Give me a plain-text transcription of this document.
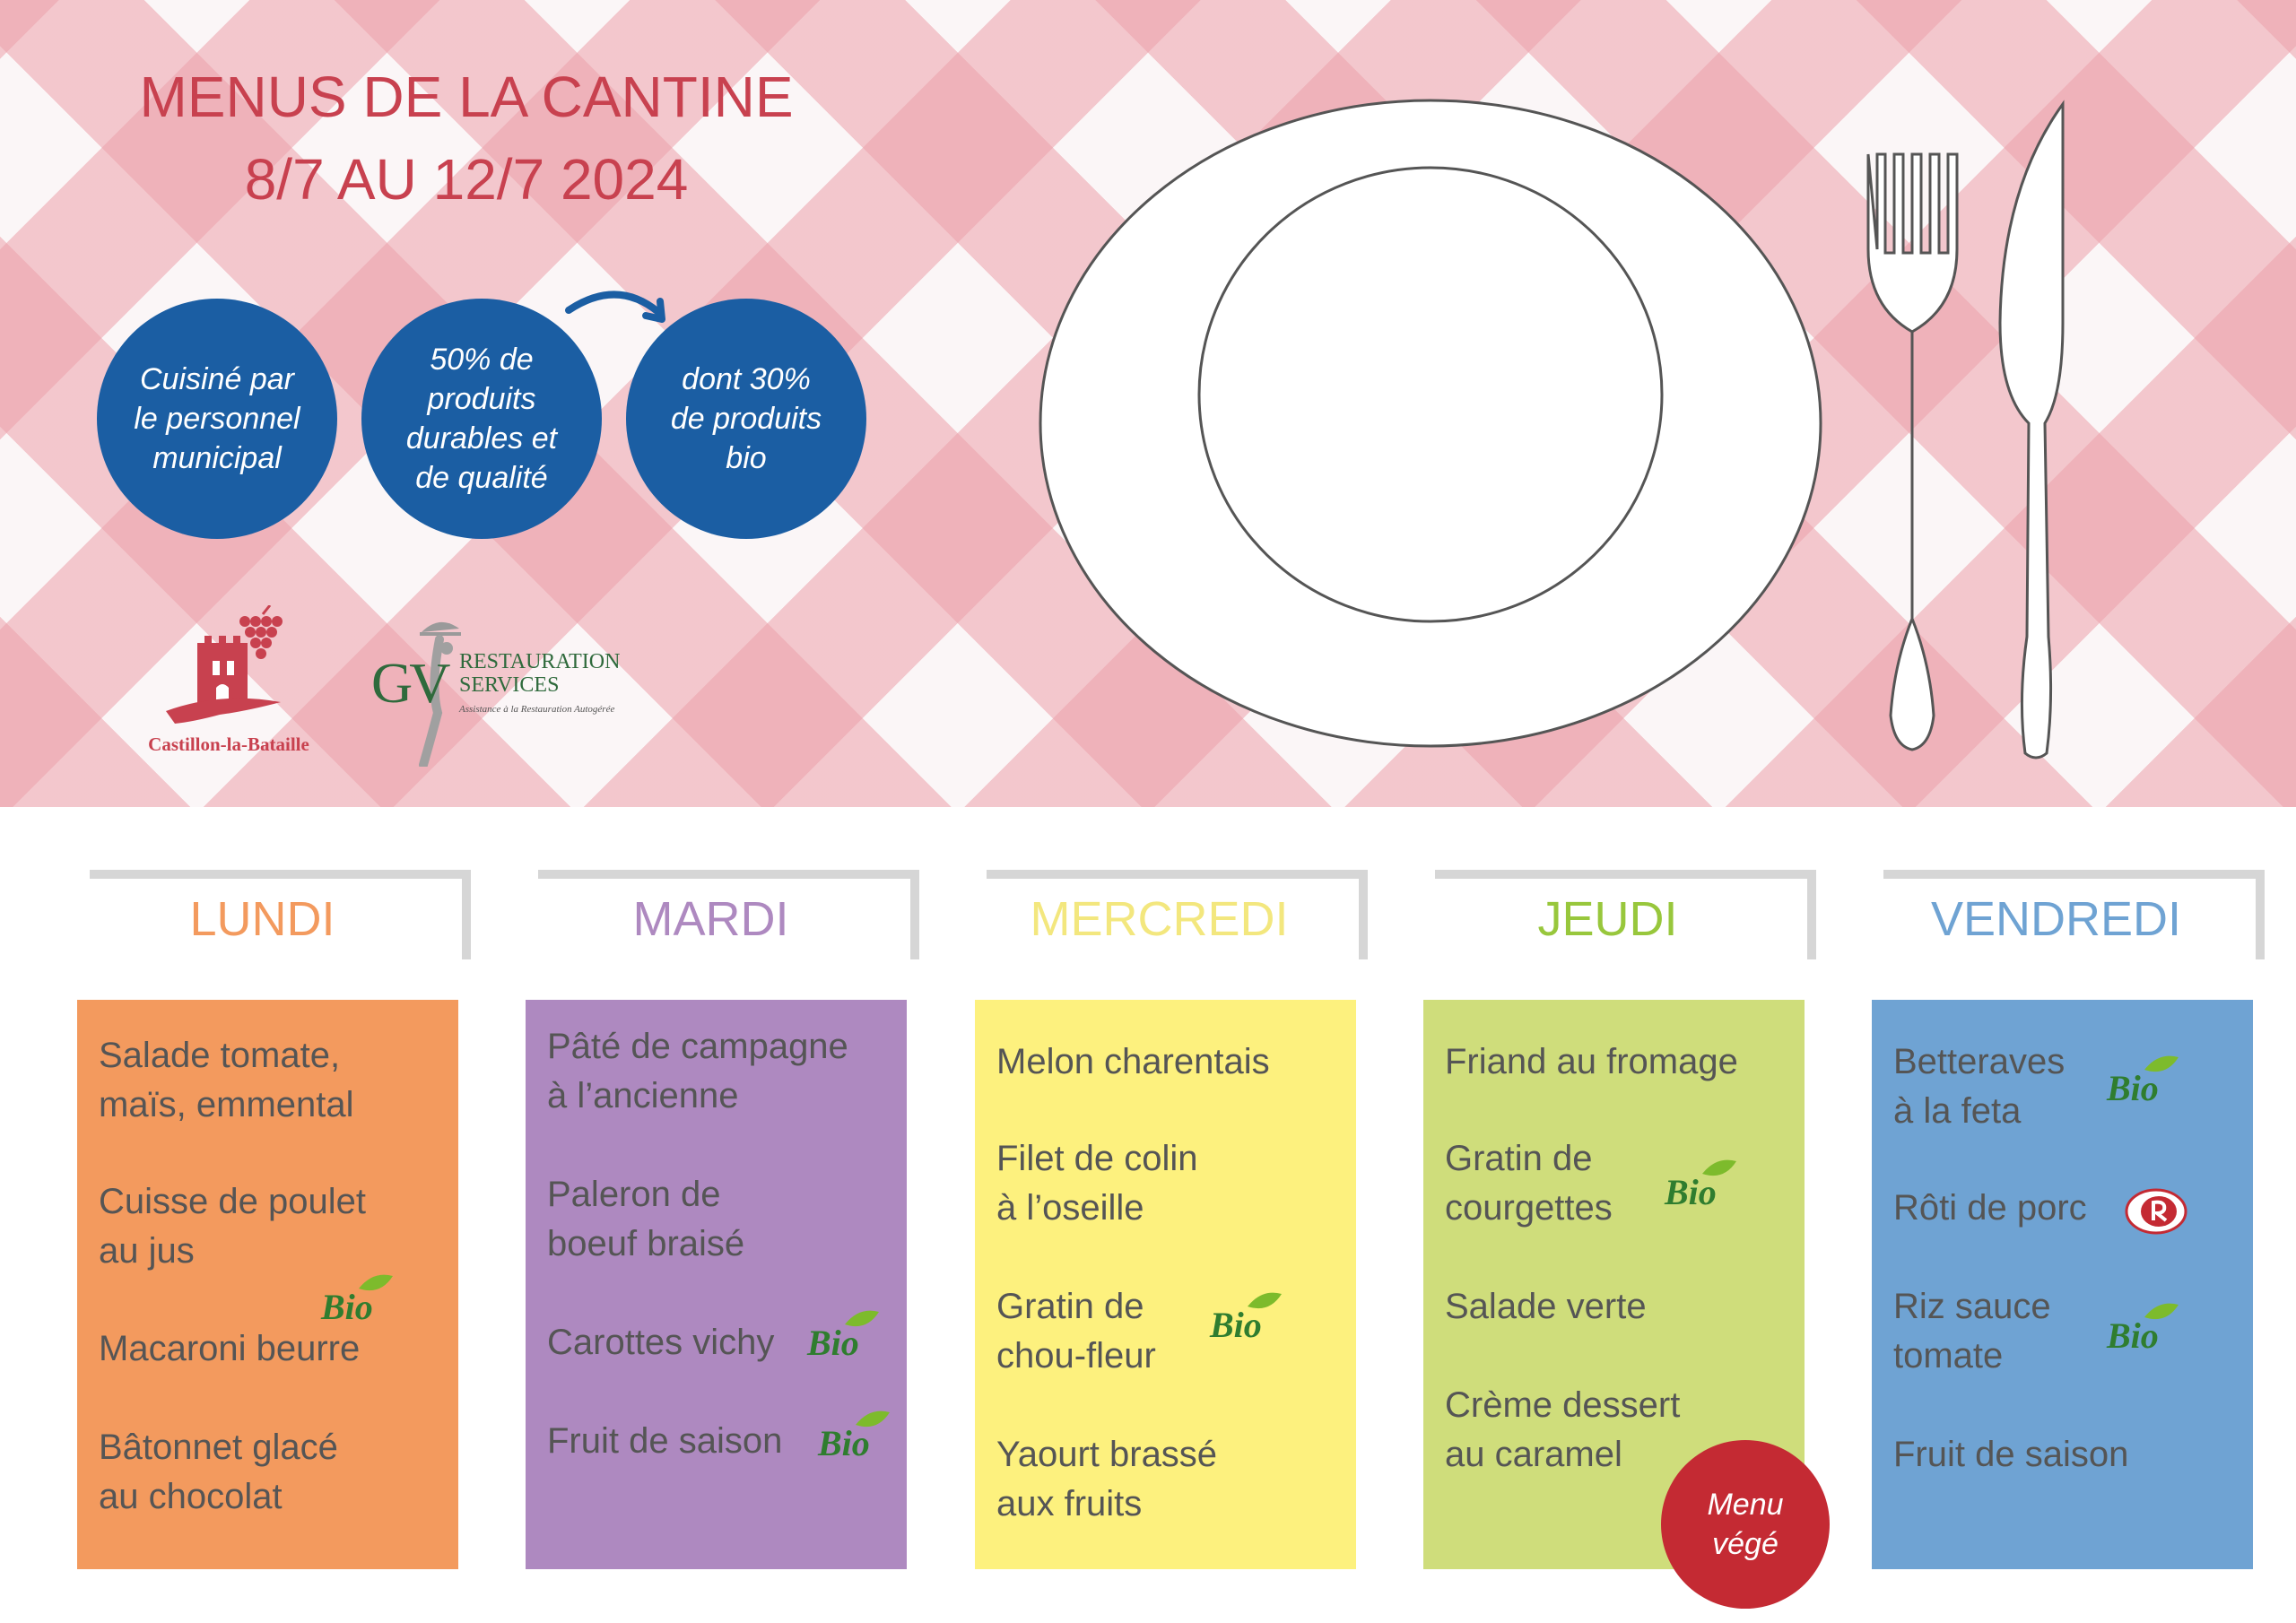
MENUS DE LA CANTINE
8/7 AU 12/7 2024
Cuisiné par
le personnel
municipal
50% de
produits
durables et
de qualité
dont 30%
de produits
bio
Castillon-la-Bataille
GV RESTAURATION
SERVICES
Assistance à la Restauration Autogérée
LUNDI	MARDI	MERCREDI	JEUDI	VENDREDI
Salade tomate,
maïs, emmental
Cuisse de poulet
au jus
Macaroni beurre
Bâtonnet glacé
au chocolat
Bio
Pâté de campagne
à l’ancienne
Paleron de
boeuf braisé
Carottes vichy
Fruit de saison
Bio
Bio
Melon charentais
Filet de colin
à l’oseille
Gratin de
chou-fleur
Yaourt brassé
aux fruits
Bio
Friand au fromage
Gratin de
courgettes
Salade verte
Crème dessert
au caramel
Bio
Betteraves
à la feta
Rôti de porc
Riz sauce
tomate
Fruit de saison
Bio
Bio
Menu
végé
